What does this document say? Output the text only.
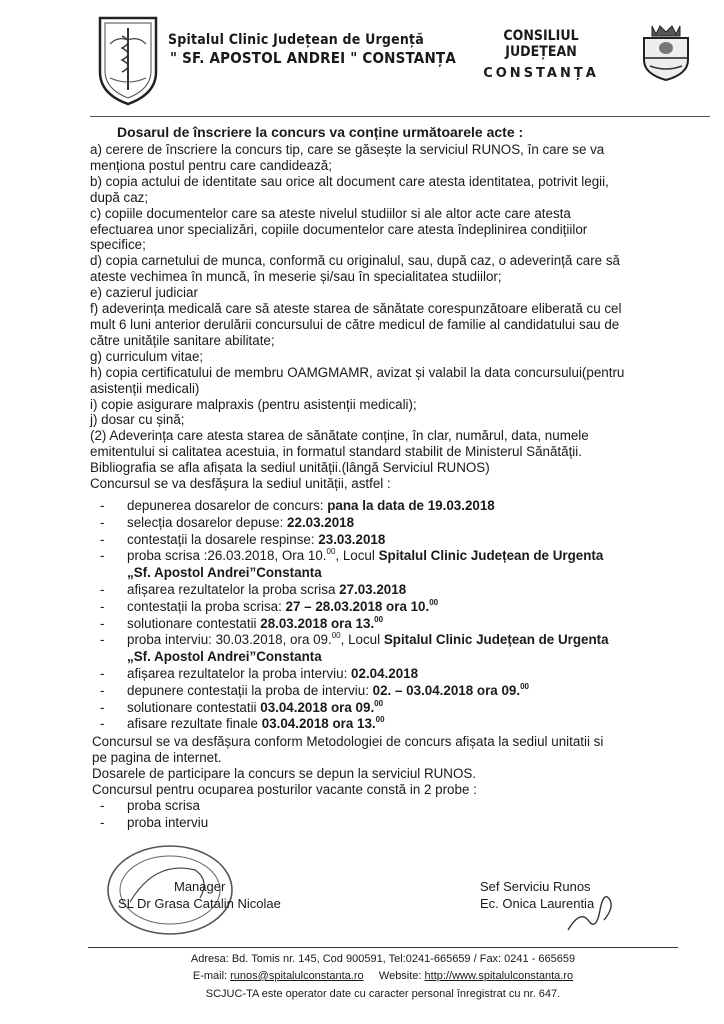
Spitalul Clinic Județean de Urgență
" SF. APOSTOL ANDREI " CONSTANȚA
CONSILIUL JUDEȚEAN
CONSTANȚA
Dosarul de înscriere la concurs va conține următoarele acte :
a) cerere de înscriere la concurs tip, care se găsește la serviciul RUNOS, în care se va
menționa postul pentru care candidează;
b) copia actului de identitate sau orice alt document care atesta identitatea, potrivit legii,
după caz;
c) copiile documentelor care sa ateste nivelul studiilor si ale altor acte care atesta
efectuarea unor specializări, copiile documentelor care atesta îndeplinirea condițiilor
specifice;
d) copia carnetului de munca, conformă cu originalul, sau, după caz, o adeverință care să
ateste vechimea în muncă, în meserie și/sau în specialitatea studiilor;
e) cazierul judiciar
f) adeverința medicală care să ateste starea de sănătate corespunzătoare eliberată cu cel
mult 6 luni anterior derulării concursului de către medicul de familie al candidatului sau de
către unitățile sanitare abilitate;
g) curriculum vitae;
h) copia certificatului de membru OAMGMAMR, avizat și valabil la data concursului(pentru
asistenții medicali)
i) copie asigurare malpraxis (pentru asistenții medicali);
j) dosar cu șină;
(2) Adeverința care atesta starea de sănătate conține, în clar, numărul, data, numele
emitentului si calitatea acestuia, in formatul standard stabilit de Ministerul Sănătății.
Bibliografia se afla afișata la sediul unității.(lângă Serviciul RUNOS)
Concursul se va desfășura la sediul unității, astfel :
- depunerea dosarelor de concurs: pana la data de 19.03.2018
- selecția dosarelor depuse: 22.03.2018
- contestații la dosarele respinse: 23.03.2018
- proba scrisa :26.03.2018, Ora 10.00, Locul Spitalul Clinic Județean de Urgenta
„Sf. Apostol Andrei”Constanta
- afișarea rezultatelor la proba scrisa 27.03.2018
- contestații la proba scrisa: 27 – 28.03.2018 ora 10.00
- solutionare contestatii 28.03.2018 ora 13.00
- proba interviu: 30.03.2018, ora 09.00, Locul Spitalul Clinic Județean de Urgenta
„Sf. Apostol Andrei”Constanta
- afișarea rezultatelor la proba interviu: 02.04.2018
- depunere contestații la proba de interviu: 02. – 03.04.2018 ora 09.00
- solutionare contestatii 03.04.2018 ora 09.00
- afisare rezultate finale 03.04.2018 ora 13.00
Concursul se va desfășura conform Metodologiei de concurs afișata la sediul unitatii si
pe pagina de internet.
Dosarele de participare la concurs se depun la serviciul RUNOS.
Concursul pentru ocuparea posturilor vacante constă in 2 probe :
- proba scrisa
- proba interviu
Manager
SL Dr Grasa Catalin Nicolae
Sef Serviciu Runos
Ec. Onica Laurentia
Adresa: Bd. Tomis nr. 145, Cod 900591, Tel:0241-665659 / Fax: 0241 - 665659
E-mail: runos@spitalulconstanta.ro Website: http://www.spitalulconstanta.ro
SCJUC-TA este operator date cu caracter personal înregistrat cu nr. 647.
